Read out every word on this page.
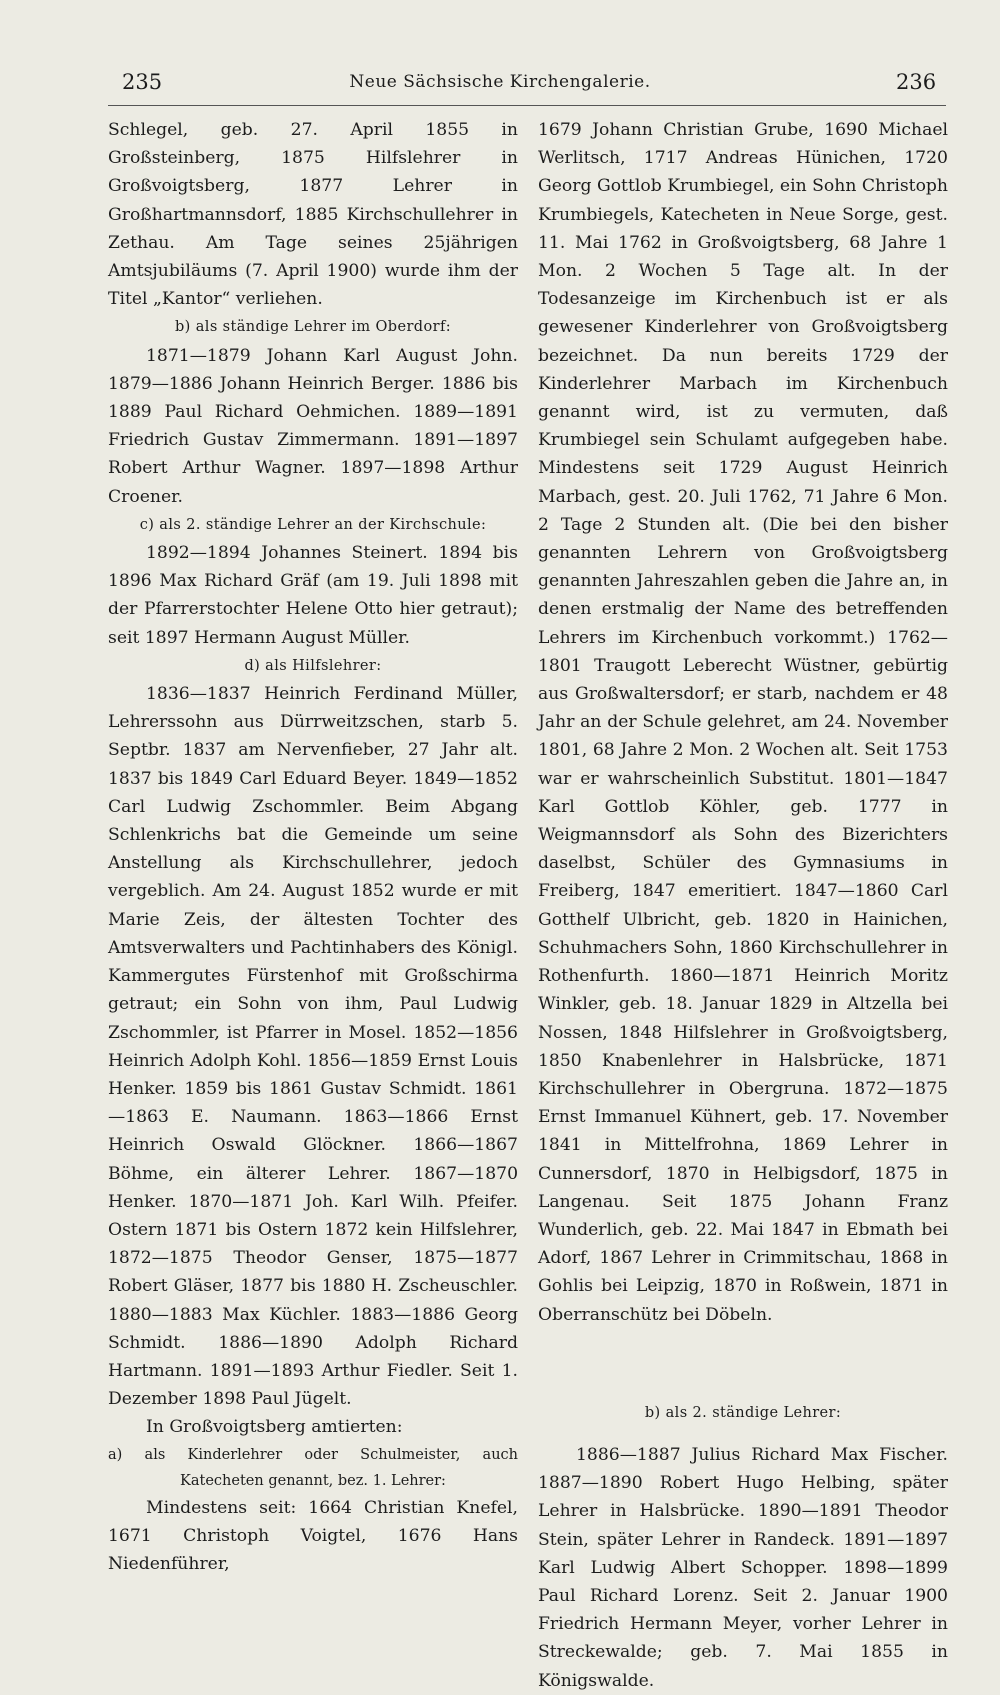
235	Neue Sächsische Kirchengalerie.	236

Schlegel, geb. 27. April 1855 in Großsteinberg, 1875 Hilfslehrer in Großvoigtsberg, 1877 Lehrer in Großhartmannsdorf, 1885 Kirchschullehrer in Zethau. Am Tage seines 25jährigen Amtsjubiläums (7. April 1900) wurde ihm der Titel „Kantor“ verliehen.

b) als ständige Lehrer im Oberdorf:

1871—1879 Johann Karl August John. 1879—1886 Johann Heinrich Berger. 1886 bis 1889 Paul Richard Oehmichen. 1889—1891 Friedrich Gustav Zimmermann. 1891—1897 Robert Arthur Wagner. 1897—1898 Arthur Croener.

c) als 2. ständige Lehrer an der Kirchschule:

1892—1894 Johannes Steinert. 1894 bis 1896 Max Richard Gräf (am 19. Juli 1898 mit der Pfarrerstochter Helene Otto hier getraut); seit 1897 Hermann August Müller.

d) als Hilfslehrer:

1836—1837 Heinrich Ferdinand Müller, Lehrerssohn aus Dürrweitzschen, starb 5. Septbr. 1837 am Nervenfieber, 27 Jahr alt. 1837 bis 1849 Carl Eduard Beyer. 1849—1852 Carl Ludwig Zschommler. Beim Abgang Schlenkrichs bat die Gemeinde um seine Anstellung als Kirchschullehrer, jedoch vergeblich. Am 24. August 1852 wurde er mit Marie Zeis, der ältesten Tochter des Amtsverwalters und Pachtinhabers des Königl. Kammergutes Fürstenhof mit Großschirma getraut; ein Sohn von ihm, Paul Ludwig Zschommler, ist Pfarrer in Mosel. 1852—1856 Heinrich Adolph Kohl. 1856—1859 Ernst Louis Henker. 1859 bis 1861 Gustav Schmidt. 1861—1863 E. Naumann. 1863—1866 Ernst Heinrich Oswald Glöckner. 1866—1867 Böhme, ein älterer Lehrer. 1867—1870 Henker. 1870—1871 Joh. Karl Wilh. Pfeifer. Ostern 1871 bis Ostern 1872 kein Hilfslehrer, 1872—1875 Theodor Genser, 1875—1877 Robert Gläser, 1877 bis 1880 H. Zscheuschler. 1880—1883 Max Küchler. 1883—1886 Georg Schmidt. 1886—1890 Adolph Richard Hartmann. 1891—1893 Arthur Fiedler. Seit 1. Dezember 1898 Paul Jügelt.

In Großvoigtsberg amtierten:

a) als Kinderlehrer oder Schulmeister, auch Katecheten genannt, bez. 1. Lehrer:

Mindestens seit: 1664 Christian Knefel, 1671 Christoph Voigtel, 1676 Hans Niedenführer,

1679 Johann Christian Grube, 1690 Michael Werlitsch, 1717 Andreas Hünichen, 1720 Georg Gottlob Krumbiegel, ein Sohn Christoph Krumbiegels, Katecheten in Neue Sorge, gest. 11. Mai 1762 in Großvoigtsberg, 68 Jahre 1 Mon. 2 Wochen 5 Tage alt. In der Todesanzeige im Kirchenbuch ist er als gewesener Kinderlehrer von Großvoigtsberg bezeichnet. Da nun bereits 1729 der Kinderlehrer Marbach im Kirchenbuch genannt wird, ist zu vermuten, daß Krumbiegel sein Schulamt aufgegeben habe. Mindestens seit 1729 August Heinrich Marbach, gest. 20. Juli 1762, 71 Jahre 6 Mon. 2 Tage 2 Stunden alt. (Die bei den bisher genannten Lehrern von Großvoigtsberg genannten Jahreszahlen geben die Jahre an, in denen erstmalig der Name des betreffenden Lehrers im Kirchenbuch vorkommt.) 1762—1801 Traugott Leberecht Wüstner, gebürtig aus Großwaltersdorf; er starb, nachdem er 48 Jahr an der Schule gelehret, am 24. November 1801, 68 Jahre 2 Mon. 2 Wochen alt. Seit 1753 war er wahrscheinlich Substitut. 1801—1847 Karl Gottlob Köhler, geb. 1777 in Weigmannsdorf als Sohn des Bizerichters daselbst, Schüler des Gymnasiums in Freiberg, 1847 emeritiert. 1847—1860 Carl Gotthelf Ulbricht, geb. 1820 in Hainichen, Schuhmachers Sohn, 1860 Kirchschullehrer in Rothenfurth. 1860—1871 Heinrich Moritz Winkler, geb. 18. Januar 1829 in Altzella bei Nossen, 1848 Hilfslehrer in Großvoigtsberg, 1850 Knabenlehrer in Halsbrücke, 1871 Kirchschullehrer in Obergruna. 1872—1875 Ernst Immanuel Kühnert, geb. 17. November 1841 in Mittelfrohna, 1869 Lehrer in Cunnersdorf, 1870 in Helbigsdorf, 1875 in Langenau. Seit 1875 Johann Franz Wunderlich, geb. 22. Mai 1847 in Ebmath bei Adorf, 1867 Lehrer in Crimmitschau, 1868 in Gohlis bei Leipzig, 1870 in Roßwein, 1871 in Oberranschütz bei Döbeln.

b) als 2. ständige Lehrer:

1886—1887 Julius Richard Max Fischer. 1887—1890 Robert Hugo Helbing, später Lehrer in Halsbrücke. 1890—1891 Theodor Stein, später Lehrer in Randeck. 1891—1897 Karl Ludwig Albert Schopper. 1898—1899 Paul Richard Lorenz. Seit 2. Januar 1900 Friedrich Hermann Meyer, vorher Lehrer in Streckewalde; geb. 7. Mai 1855 in Königswalde.
